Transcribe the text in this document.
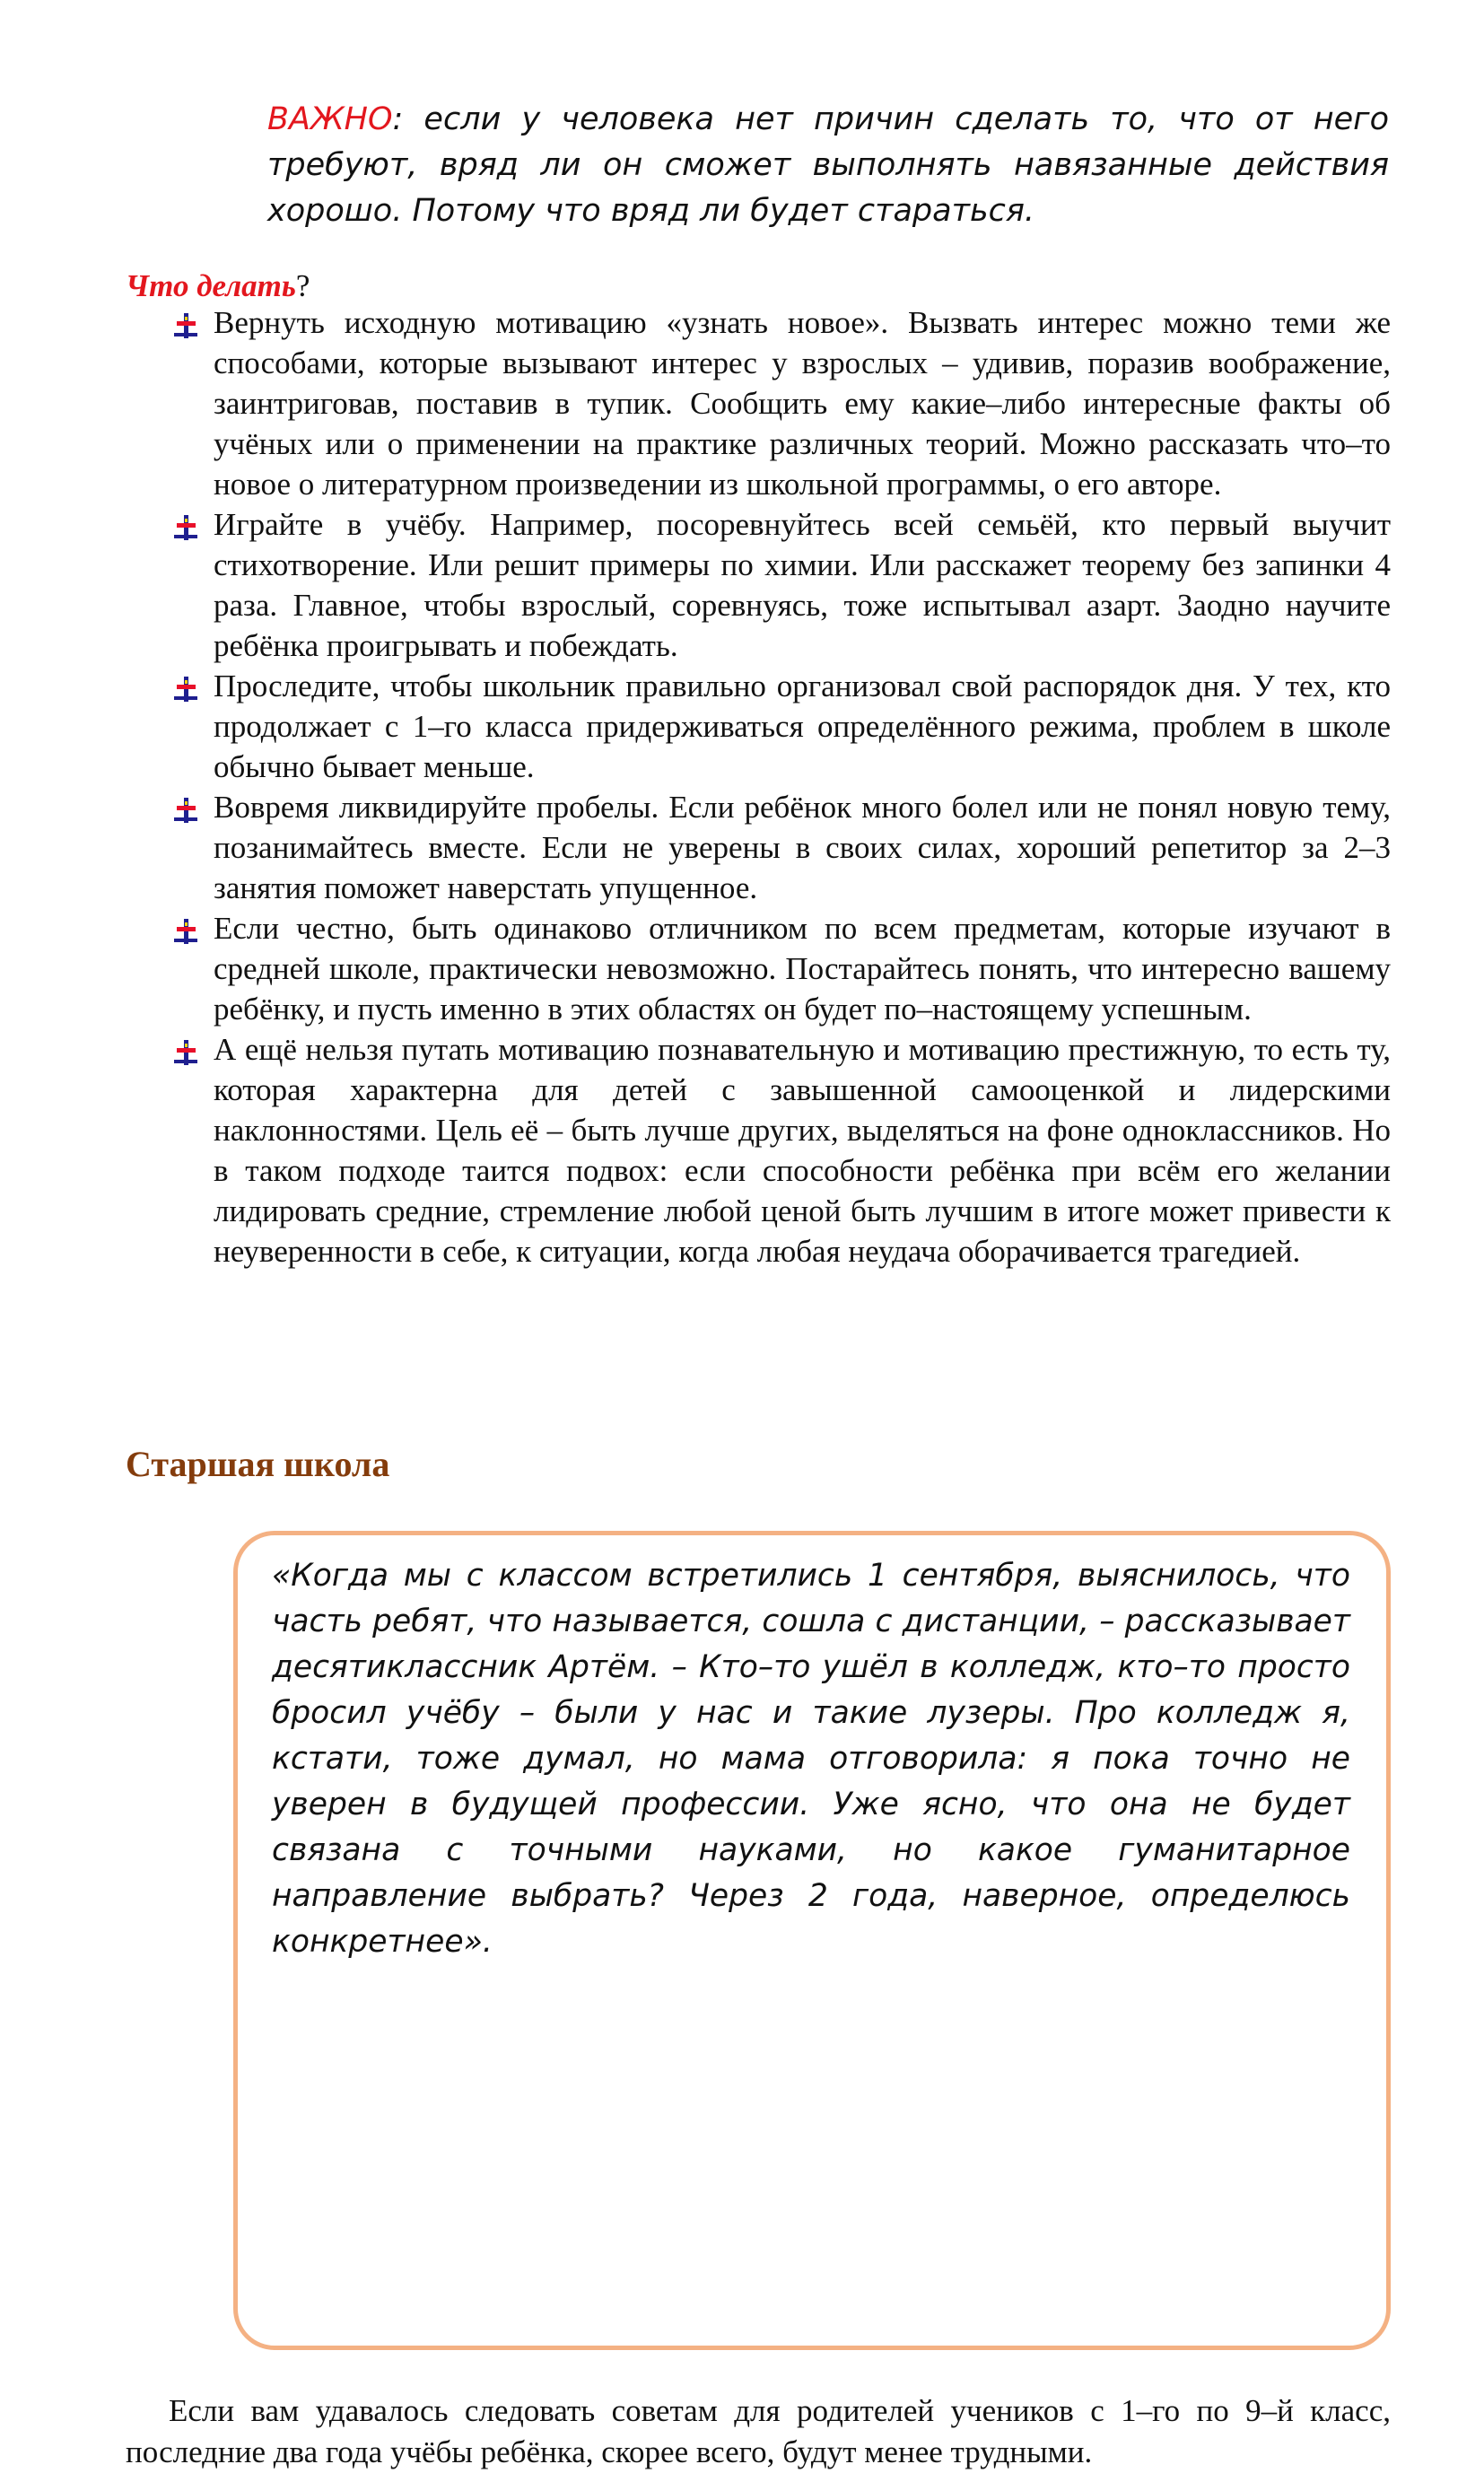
ВАЖНО: если у человека нет причин сделать то, что от него требуют, вряд ли он сможет выполнять навязанные действия хорошо. Потому что вряд ли будет стараться.
Что делать?
Вернуть исходную мотивацию «узнать новое». Вызвать интерес можно теми же способами, которые вызывают интерес у взрослых – удивив, поразив воображение, заинтриговав, поставив в тупик. Сообщить ему какие–либо интересные факты об учёных или о применении на практике различных теорий. Можно рассказать что–то новое о литературном произведении из школьной программы, о его авторе.
Играйте в учёбу. Например, посоревнуйтесь всей семьёй, кто первый выучит стихотворение. Или решит примеры по химии. Или расскажет теорему без запинки 4 раза. Главное, чтобы взрослый, соревнуясь, тоже испытывал азарт. Заодно научите ребёнка проигрывать и побеждать.
Проследите, чтобы школьник правильно организовал свой распорядок дня. У тех, кто продолжает с 1–го класса придерживаться определённого режима, проблем в школе обычно бывает меньше.
Вовремя ликвидируйте пробелы. Если ребёнок много болел или не понял новую тему, позанимайтесь вместе. Если не уверены в своих силах, хороший репетитор за 2–3 занятия поможет наверстать упущенное.
Если честно, быть одинаково отличником по всем предметам, которые изучают в средней школе, практически невозможно. Постарайтесь понять, что интересно вашему ребёнку, и пусть именно в этих областях он будет по–настоящему успешным.
А ещё нельзя путать мотивацию познавательную и мотивацию престижную, то есть ту, которая характерна для детей с завышенной самооценкой и лидерскими наклонностями. Цель её – быть лучше других, выделяться на фоне одноклассников. Но в таком подходе таится подвох: если способности ребёнка при всём его желании лидировать средние, стремление любой ценой быть лучшим в итоге может привести к неуверенности в себе, к ситуации, когда любая неудача оборачивается трагедией.
Старшая школа

«Когда мы с классом встретились 1 сентября, выяснилось, что часть ребят, что называется, сошла с дистанции, – рассказывает десятиклассник Артём. – Кто–то ушёл в колледж, кто–то просто бросил учёбу – были у нас и такие лузеры. Про колледж я, кстати, тоже думал, но мама отговорила: я пока точно не уверен в будущей профессии. Уже ясно, что она не будет связана с точными науками, но какое гуманитарное направление выбрать? Через 2 года, наверное, определюсь конкретнее».

Если вам удавалось следовать советам для родителей учеников с 1–го по 9–й класс, последние два года учёбы ребёнка, скорее всего, будут менее трудными.
